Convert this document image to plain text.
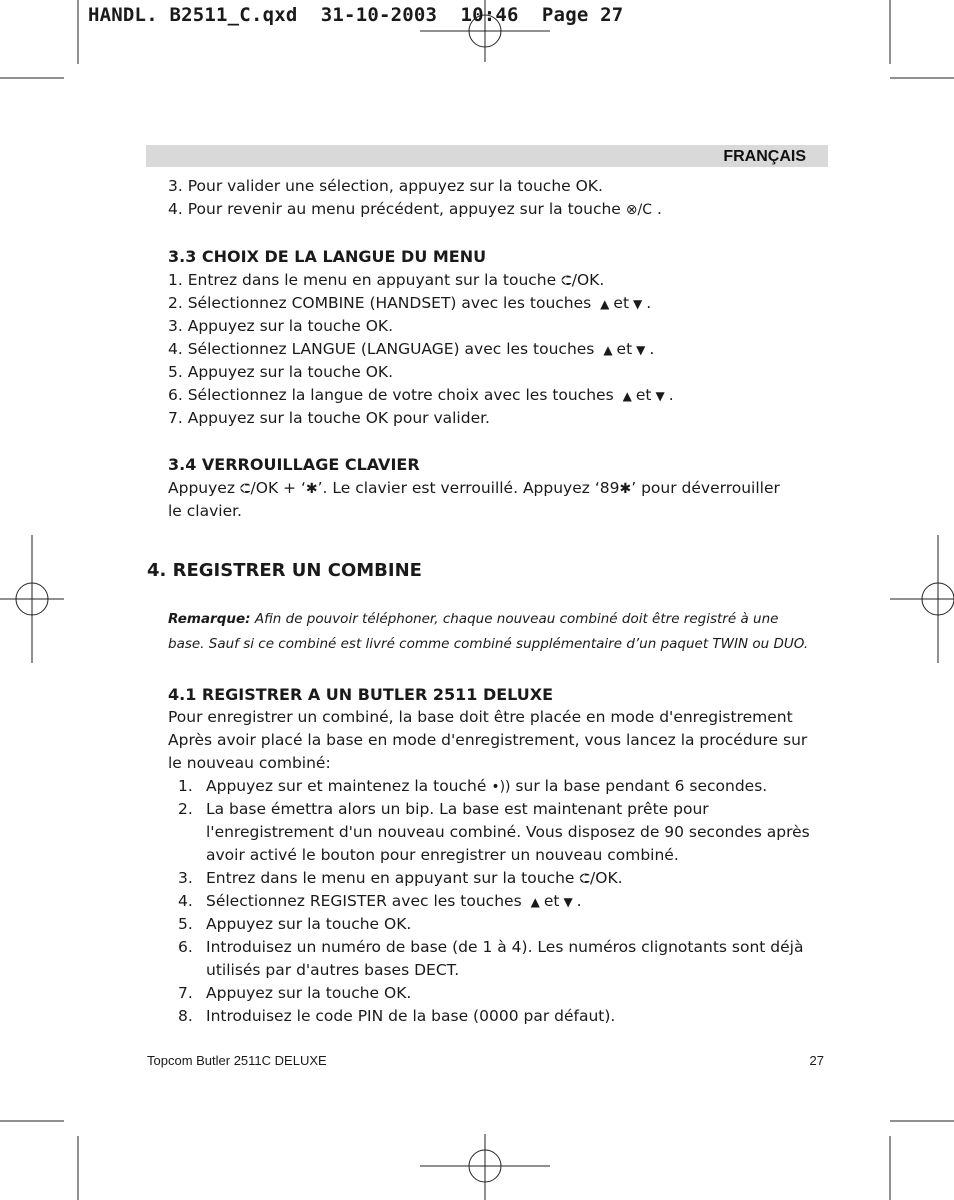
HANDL. B2511_C.qxd  31-10-2003  10:46  Page 27
FRANÇAIS
3. Pour valider une sélection, appuyez sur la touche OK.
4. Pour revenir au menu précédent, appuyez sur la touche ⊗/C .
3.3 CHOIX DE LA LANGUE DU MENU
1. Entrez dans le menu en appuyant sur la touche ⮈/OK.
2. Sélectionnez COMBINE (HANDSET) avec les touches ▲ et ▼ .
3. Appuyez sur la touche OK.
4. Sélectionnez LANGUE (LANGUAGE) avec les touches ▲ et ▼ .
5. Appuyez sur la touche OK.
6. Sélectionnez la langue de votre choix avec les touches ▲ et ▼ .
7. Appuyez sur la touche OK pour valider.
3.4 VERROUILLAGE CLAVIER
Appuyez ⮈/OK + ‘✱’. Le clavier est verrouillé. Appuyez ‘89✱’ pour déverrouiller
le clavier.
4. REGISTRER UN COMBINE
Remarque: Afin de pouvoir téléphoner, chaque nouveau combiné doit être registré à une
base. Sauf si ce combiné est livré comme combiné supplémentaire d’un paquet TWIN ou DUO.
4.1 REGISTRER A UN BUTLER 2511 DELUXE
Pour enregistrer un combiné, la base doit être placée en mode d'enregistrement
Après avoir placé la base en mode d'enregistrement, vous lancez la procédure sur
le nouveau combiné:
1. Appuyez sur et maintenez la touché •)) sur la base pendant 6 secondes.
2. La base émettra alors un bip. La base est maintenant prête pour
l'enregistrement d'un nouveau combiné. Vous disposez de 90 secondes après
avoir activé le bouton pour enregistrer un nouveau combiné.
3. Entrez dans le menu en appuyant sur la touche ⮈/OK.
4. Sélectionnez REGISTER avec les touches ▲ et ▼ .
5. Appuyez sur la touche OK.
6. Introduisez un numéro de base (de 1 à 4). Les numéros clignotants sont déjà
utilisés par d'autres bases DECT.
7. Appuyez sur la touche OK.
8. Introduisez le code PIN de la base (0000 par défaut).
Topcom Butler 2511C DELUXE	27
